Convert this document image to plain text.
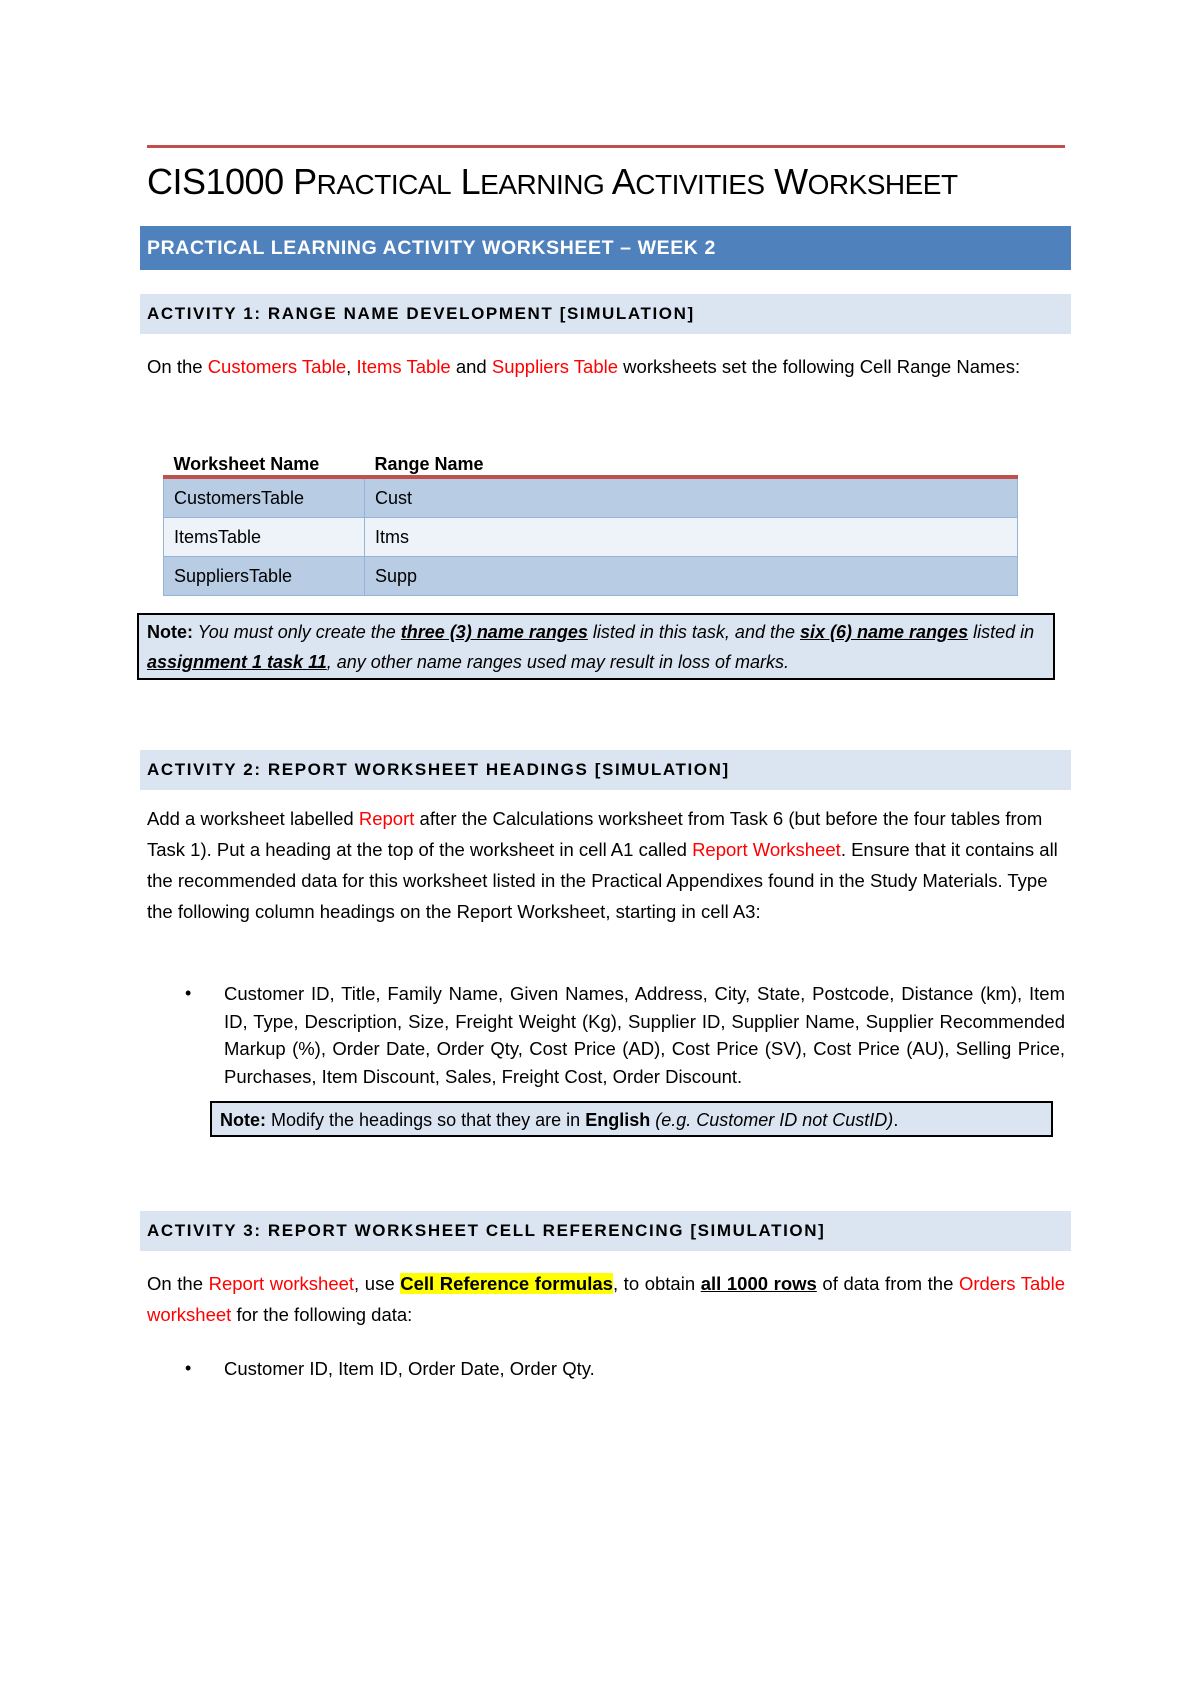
CIS1000 PRACTICAL LEARNING ACTIVITIES WORKSHEET
PRACTICAL LEARNING ACTIVITY WORKSHEET – WEEK 2
ACTIVITY 1: RANGE NAME DEVELOPMENT [SIMULATION]
On the Customers Table, Items Table and Suppliers Table worksheets set the following Cell Range Names:
Worksheet Name	Range Name
CustomersTable	Cust
ItemsTable	Itms
SuppliersTable	Supp
Note: You must only create the three (3) name ranges listed in this task, and the six (6) name ranges listed in assignment 1 task 11, any other name ranges used may result in loss of marks.
ACTIVITY 2: REPORT WORKSHEET HEADINGS [SIMULATION]
Add a worksheet labelled Report after the Calculations worksheet from Task 6 (but before the four tables from Task 1). Put a heading at the top of the worksheet in cell A1 called Report Worksheet. Ensure that it contains all the recommended data for this worksheet listed in the Practical Appendixes found in the Study Materials. Type the following column headings on the Report Worksheet, starting in cell A3:
• Customer ID, Title, Family Name, Given Names, Address, City, State, Postcode, Distance (km), Item ID, Type, Description, Size, Freight Weight (Kg), Supplier ID, Supplier Name, Supplier Recommended Markup (%), Order Date, Order Qty, Cost Price (AD), Cost Price (SV), Cost Price (AU), Selling Price, Purchases, Item Discount, Sales, Freight Cost, Order Discount.
Note: Modify the headings so that they are in English (e.g. Customer ID not CustID).
ACTIVITY 3: REPORT WORKSHEET CELL REFERENCING [SIMULATION]
On the Report worksheet, use Cell Reference formulas, to obtain all 1000 rows of data from the Orders Table worksheet for the following data:
• Customer ID, Item ID, Order Date, Order Qty.
